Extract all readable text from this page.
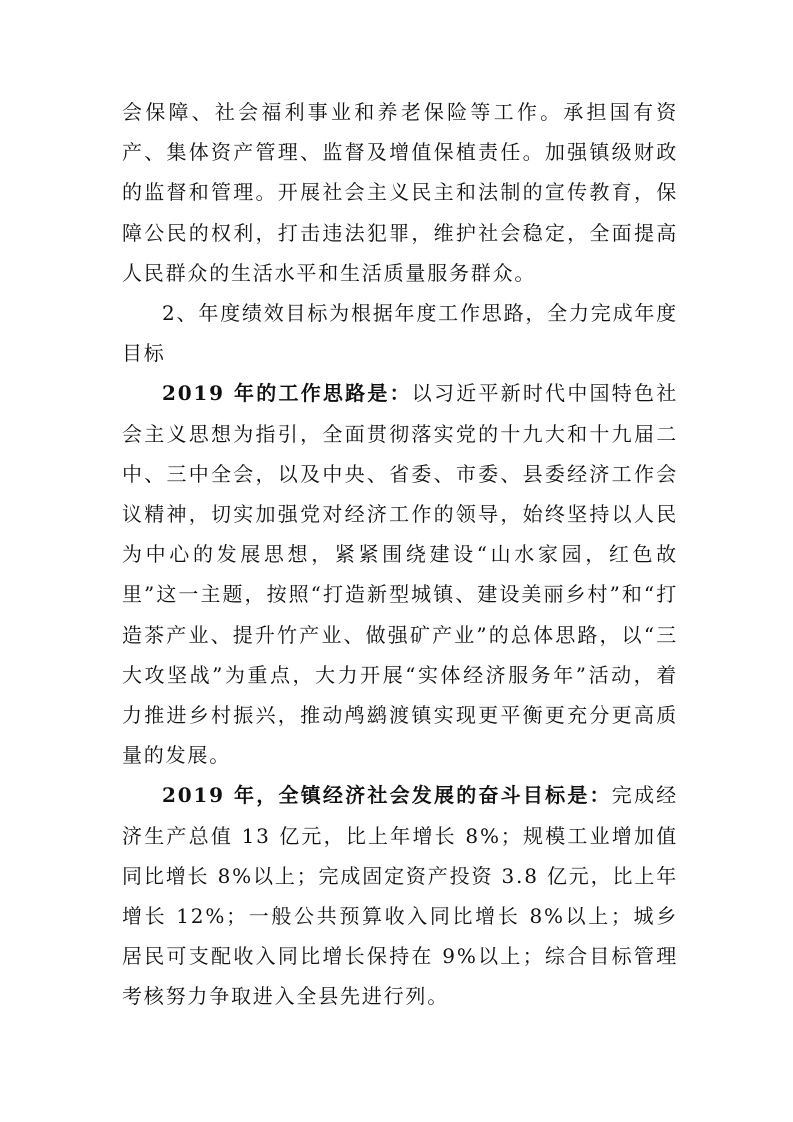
会保障、社会福利事业和养老保险等工作。承担国有资产、集体资产管理、监督及增值保植责任。加强镇级财政的监督和管理。开展社会主义民主和法制的宣传教育，保障公民的权利，打击违法犯罪，维护社会稳定，全面提高人民群众的生活水平和生活质量服务群众。

2、年度绩效目标为根据年度工作思路，全力完成年度目标

2019 年的工作思路是：以习近平新时代中国特色社会主义思想为指引，全面贯彻落实党的十九大和十九届二中、三中全会，以及中央、省委、市委、县委经济工作会议精神，切实加强党对经济工作的领导，始终坚持以人民为中心的发展思想，紧紧围绕建设“山水家园，红色故里”这一主题，按照“打造新型城镇、建设美丽乡村”和“打造茶产业、提升竹产业、做强矿产业”的总体思路，以“三大攻坚战”为重点，大力开展“实体经济服务年”活动，着力推进乡村振兴，推动鸬鹚渡镇实现更平衡更充分更高质量的发展。

2019 年，全镇经济社会发展的奋斗目标是：完成经济生产总值 13 亿元，比上年增长 8%；规模工业增加值同比增长 8%以上；完成固定资产投资 3.8 亿元，比上年增长 12%；一般公共预算收入同比增长 8%以上；城乡居民可支配收入同比增长保持在 9%以上；综合目标管理考核努力争取进入全县先进行列。
